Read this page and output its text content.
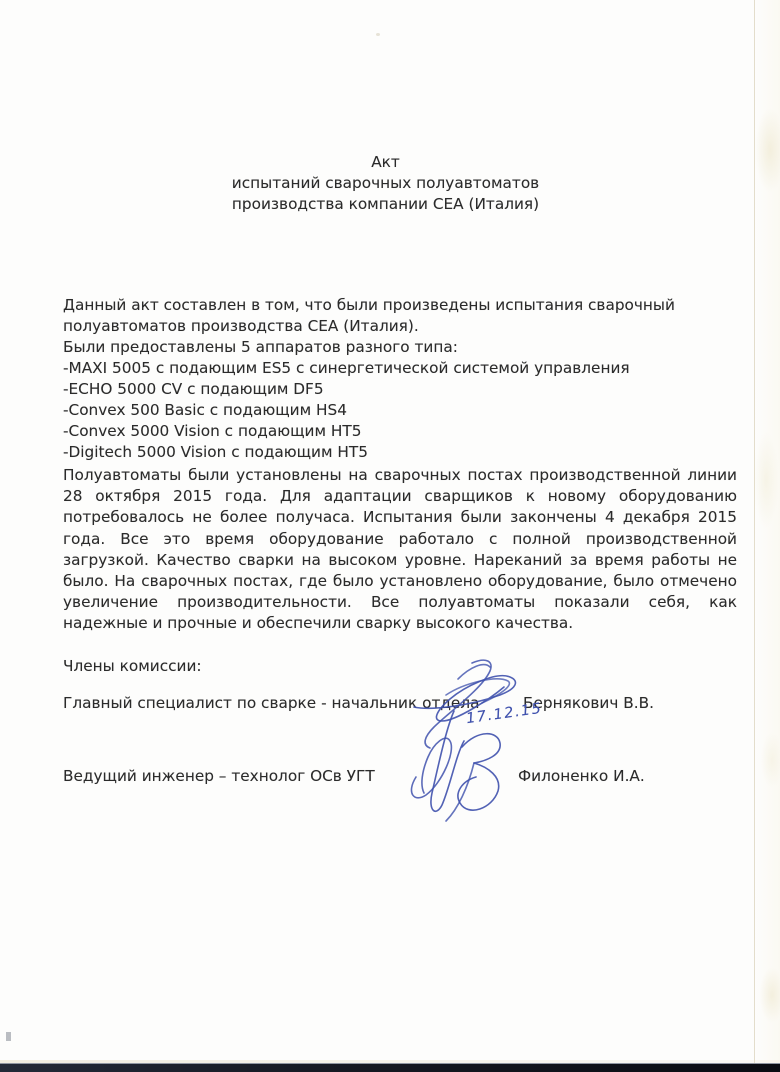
Акт
испытаний сварочных полуавтоматов
производства компании CEA (Италия)
Данный акт составлен в том, что были произведены испытания сварочный
полуавтоматов производства CEA (Италия).
Были предоставлены 5 аппаратов разного типа:
-MAXI 5005 с подающим ES5 с синергетической системой управления
-ECHO 5000 CV с подающим DF5
-Convex 500 Basic с подающим HS4
-Convex 5000 Vision с подающим HT5
-Digitech 5000 Vision с подающим HT5
Полуавтоматы были установлены на сварочных постах производственной линии 28 октября 2015 года. Для адаптации сварщиков к новому оборудованию потребовалось не более получаса. Испытания были закончены 4 декабря 2015 года. Все это время оборудование работало с полной производственной загрузкой. Качество сварки на высоком уровне. Нареканий за время работы не было. На сварочных постах, где было установлено оборудование, было отмечено увеличение производительности. Все полуавтоматы показали себя, как надежные и прочные и обеспечили сварку высокого качества.
Члены комиссии:
Главный специалист по сварке - начальник отдела	Бернякович В.В.
17.12.15
Ведущий инженер – технолог ОСв УГТ	Филоненко И.А.
